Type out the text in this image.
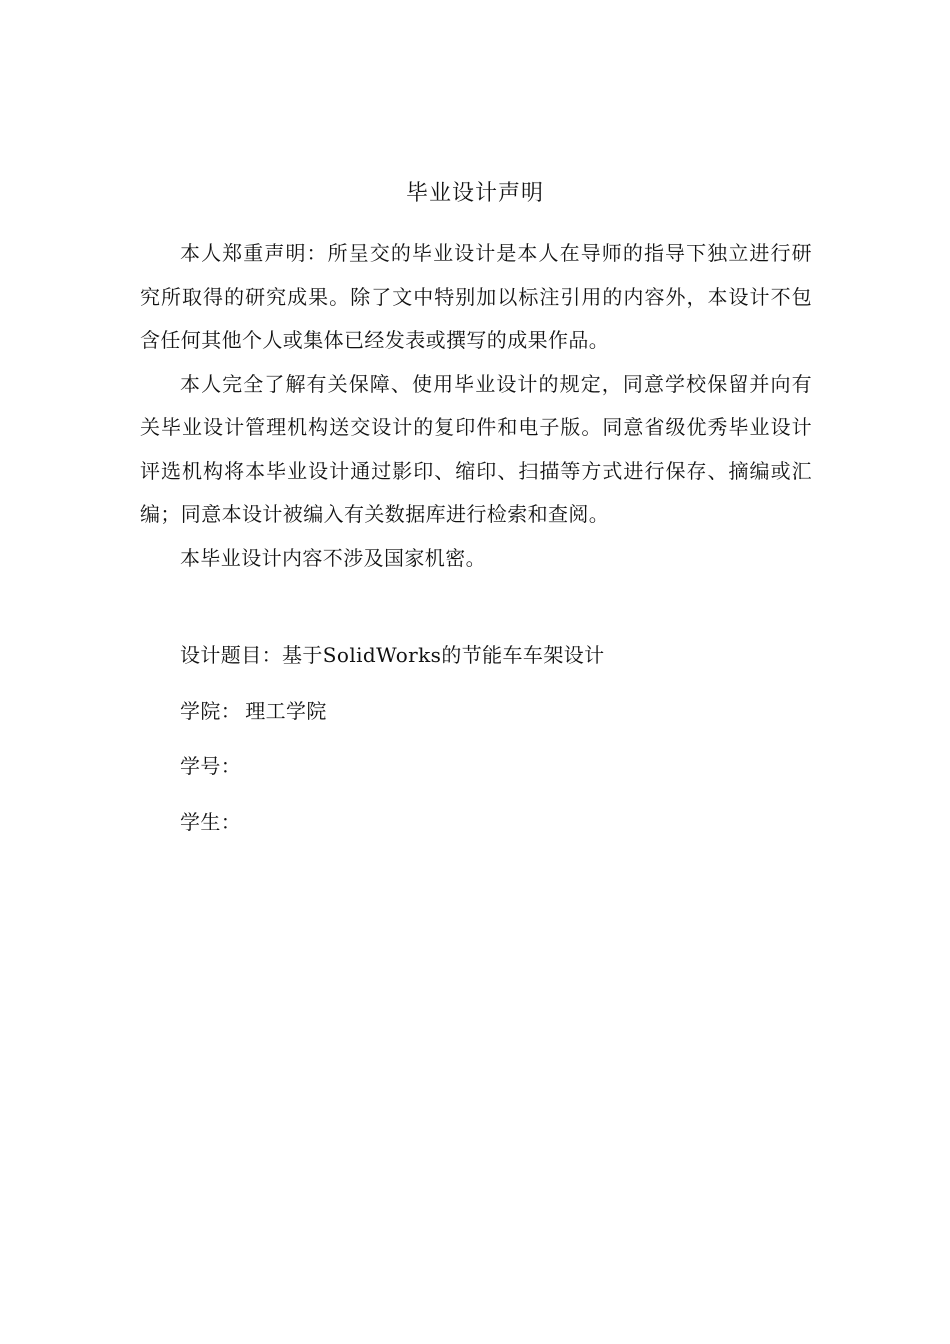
毕业设计声明

本人郑重声明：所呈交的毕业设计是本人在导师的指导下独立进行研究所取得的研究成果。除了文中特别加以标注引用的内容外，本设计不包含任何其他个人或集体已经发表或撰写的成果作品。

本人完全了解有关保障、使用毕业设计的规定，同意学校保留并向有关毕业设计管理机构送交设计的复印件和电子版。同意省级优秀毕业设计评选机构将本毕业设计通过影印、缩印、扫描等方式进行保存、摘编或汇编；同意本设计被编入有关数据库进行检索和查阅。

本毕业设计内容不涉及国家机密。

设计题目：基于SolidWorks的节能车车架设计
学院： 理工学院
学号：
学生：
